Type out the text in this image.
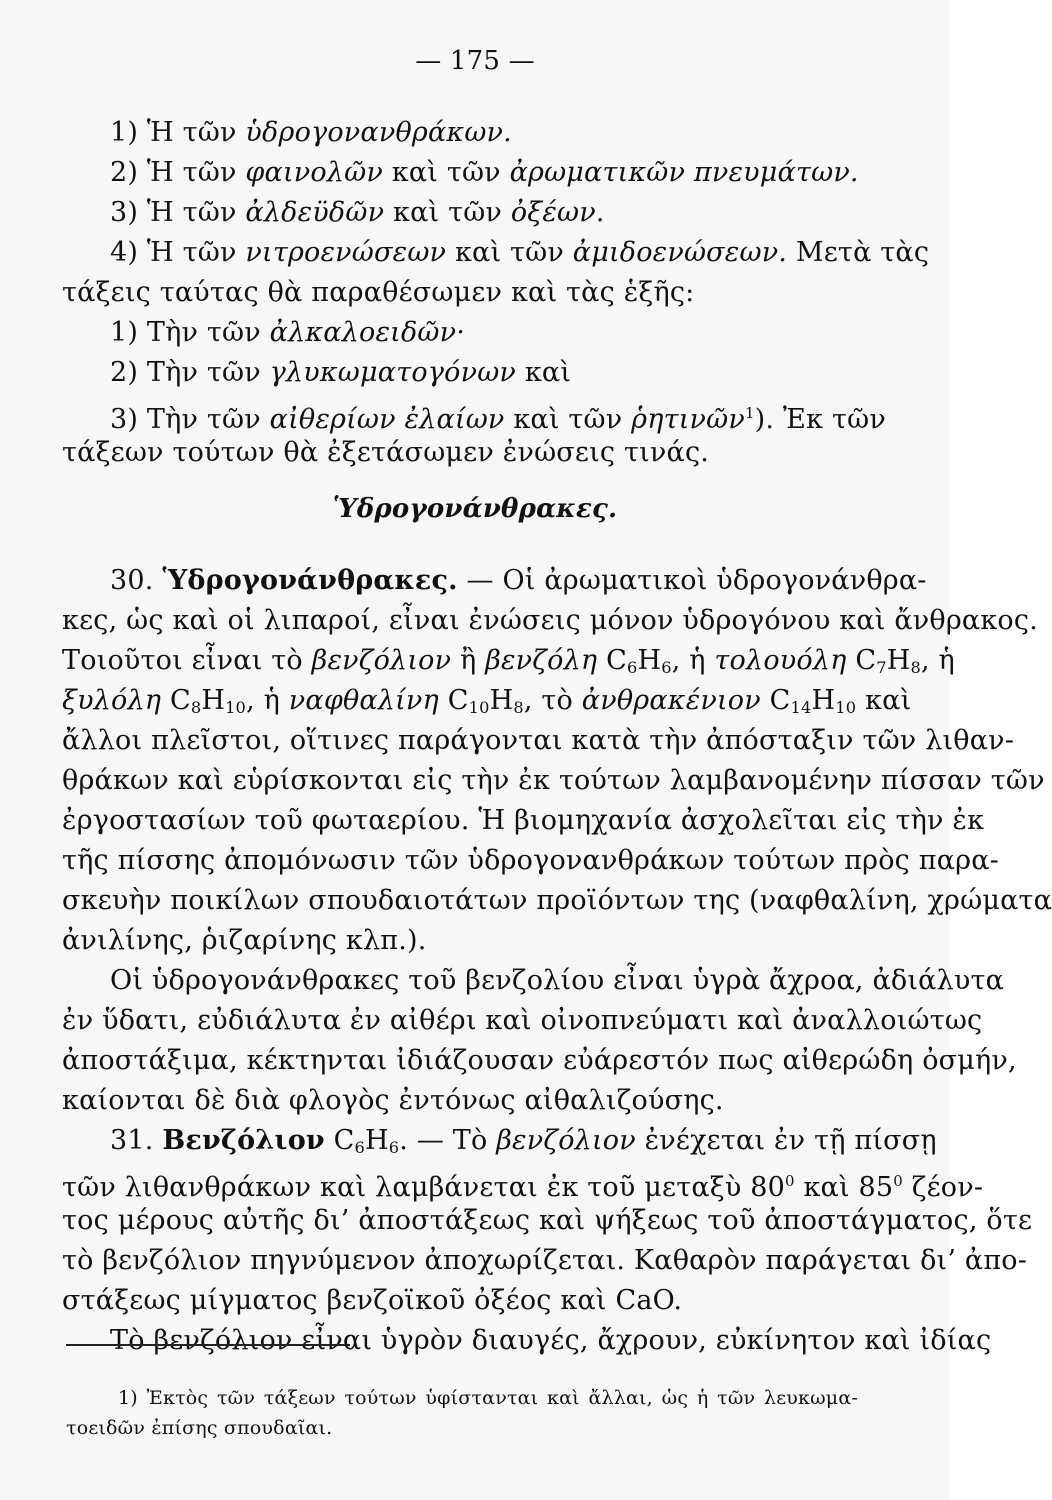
— 175 —
1) Ἡ τῶν ὑδρογονανθράκων.
2) Ἡ τῶν φαινολῶν καὶ τῶν ἀρωματικῶν πνευμάτων.
3) Ἡ τῶν ἀλδεϋδῶν καὶ τῶν ὀξέων.
4) Ἡ τῶν νιτροενώσεων καὶ τῶν ἀμιδοενώσεων. Μετὰ τὰς
τάξεις ταύτας θὰ παραθέσωμεν καὶ τὰς ἑξῆς:
1) Τὴν τῶν ἀλκαλοειδῶν·
2) Τὴν τῶν γλυκωματογόνων καὶ
3) Τὴν τῶν αἰθερίων ἐλαίων καὶ τῶν ῥητινῶν$^1$). Ἐκ τῶν
τάξεων τούτων θὰ ἐξετάσωμεν ἐνώσεις τινάς.
Ὑδρογονάνθρακες.
30. Ὑδρογονάνθρακες. — Οἱ ἀρωματικοὶ ὑδρογονάνθρα-
κες, ὡς καὶ οἱ λιπαροί, εἶναι ἐνώσεις μόνον ὑδρογόνου καὶ ἄνθρακος.
Τοιοῦτοι εἶναι τὸ βενζόλιον ἢ βενζόλη $C_6H_6$, ἡ τολουόλη $C_7H_8$, ἡ
ξυλόλη $C_8H_{10}$, ἡ ναφθαλίνη $C_{10}H_8$, τὸ ἀνθρακένιον $C_{14}H_{10}$ καὶ
ἄλλοι πλεῖστοι, οἵτινες παράγονται κατὰ τὴν ἀπόσταξιν τῶν λιθαν-
θράκων καὶ εὑρίσκονται εἰς τὴν ἐκ τούτων λαμβανομένην πίσσαν τῶν
ἐργοστασίων τοῦ φωταερίου. Ἡ βιομηχανία ἀσχολεῖται εἰς τὴν ἐκ
τῆς πίσσης ἀπομόνωσιν τῶν ὑδρογονανθράκων τούτων πρὸς παρα-
σκευὴν ποικίλων σπουδαιοτάτων προϊόντων της (ναφθαλίνη, χρώματα
ἀνιλίνης, ῥιζαρίνης κλπ.).
Οἱ ὑδρογονάνθρακες τοῦ βενζολίου εἶναι ὑγρὰ ἄχροα, ἀδιάλυτα
ἐν ὕδατι, εὐδιάλυτα ἐν αἰθέρι καὶ οἰνοπνεύματι καὶ ἀναλλοιώτως
ἀποστάξιμα, κέκτηνται ἰδιάζουσαν εὐάρεστόν πως αἰθερώδη ὀσμήν,
καίονται δὲ διὰ φλογὸς ἐντόνως αἰθαλιζούσης.
31. Βενζόλιον $C_6H_6$. — Τὸ βενζόλιον ἐνέχεται ἐν τῇ πίσσῃ
τῶν λιθανθράκων καὶ λαμβάνεται ἐκ τοῦ μεταξὺ $80^0$ καὶ $85^0$ ζέον-
τος μέρους αὐτῆς δι’ ἀποστάξεως καὶ ψήξεως τοῦ ἀποστάγματος, ὅτε
τὸ βενζόλιον πηγνύμενον ἀποχωρίζεται. Καθαρὸν παράγεται δι’ ἀπο-
στάξεως μίγματος βενζοϊκοῦ ὀξέος καὶ CaO.
Τὸ βενζόλιον εἶναι ὑγρὸν διαυγές, ἄχρουν, εὐκίνητον καὶ ἰδίας
1) Ἐκτὸς τῶν τάξεων τούτων ὑφίστανται καὶ ἄλλαι, ὡς ἡ τῶν λευκωμα-
τοειδῶν ἐπίσης σπουδαῖαι.
